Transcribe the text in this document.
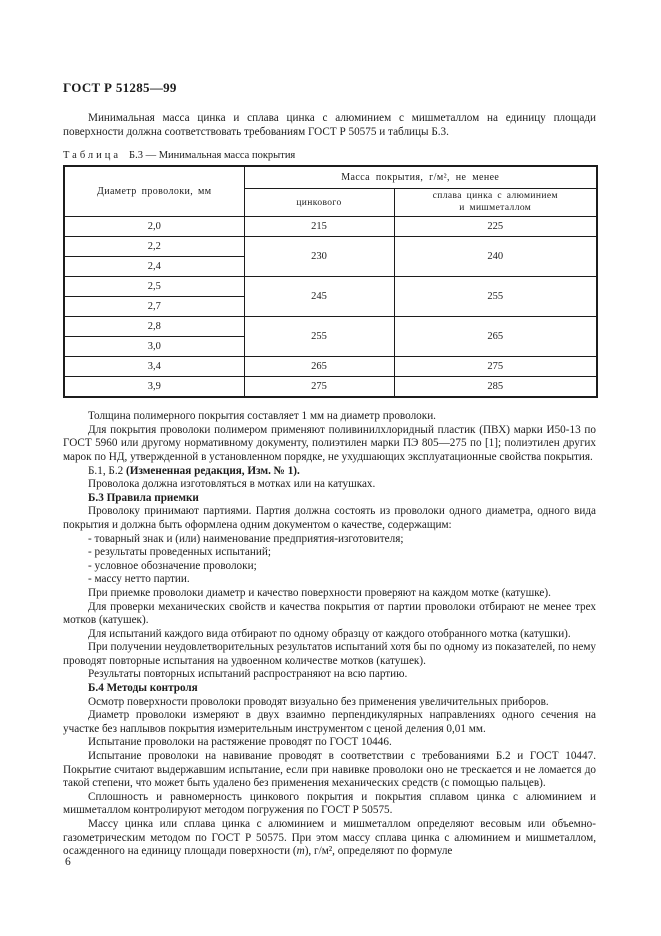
ГОСТ Р 51285—99

Минимальная масса цинка и сплава цинка с алюминием с мишметаллом на единицу площади поверхности должна соответствовать требованиям ГОСТ Р 50575 и таблицы Б.3.

Таблица Б.3 — Минимальная масса покрытия
Диаметр проволоки, мм	Масса покрытия, г/м², не менее	
	цинкового	сплава цинка с алюминием
и мишметаллом

2,0	215	225
2,2	230	240
2,4		
2,5	245	255
2,7		
2,8	255	265
3,0		
3,4	265	275
3,9	275	285

Толщина полимерного покрытия составляет 1 мм на диаметр проволоки.

Для покрытия проволоки полимером применяют поливинилхлоридный пластик (ПВХ) марки И50-13 по ГОСТ 5960 или другому нормативному документу, полиэтилен марки ПЭ 805—275 по [1]; полиэтилен других марок по НД, утвержденной в установленном порядке, не ухудшающих эксплуатационные свойства покрытия.

Б.1, Б.2 (Измененная редакция, Изм. № 1).

Проволока должна изготовляться в мотках или на катушках.

Б.3 Правила приемки

Проволоку принимают партиями. Партия должна состоять из проволоки одного диаметра, одного вида покрытия и должна быть оформлена одним документом о качестве, содержащим:

- товарный знак и (или) наименование предприятия-изготовителя;

- результаты проведенных испытаний;

- условное обозначение проволоки;

- массу нетто партии.

При приемке проволоки диаметр и качество поверхности проверяют на каждом мотке (катушке).

Для проверки механических свойств и качества покрытия от партии проволоки отбирают не менее трех мотков (катушек).

Для испытаний каждого вида отбирают по одному образцу от каждого отобранного мотка (катушки).

При получении неудовлетворительных результатов испытаний хотя бы по одному из показателей, по нему проводят повторные испытания на удвоенном количестве мотков (катушек).

Результаты повторных испытаний распространяют на всю партию.

Б.4 Методы контроля

Осмотр поверхности проволоки проводят визуально без применения увеличительных приборов.

Диаметр проволоки измеряют в двух взаимно перпендикулярных направлениях одного сечения на участке без наплывов покрытия измерительным инструментом с ценой деления 0,01 мм.

Испытание проволоки на растяжение проводят по ГОСТ 10446.

Испытание проволоки на навивание проводят в соответствии с требованиями Б.2 и ГОСТ 10447. Покрытие считают выдержавшим испытание, если при навивке проволоки оно не трескается и не ломается до такой степени, что может быть удалено без применения механических средств (с помощью пальцев).

Сплошность и равномерность цинкового покрытия и покрытия сплавом цинка с алюминием и мишметаллом контролируют методом погружения по ГОСТ Р 50575.

Массу цинка или сплава цинка с алюминием и мишметаллом определяют весовым или объемно-газометрическим методом по ГОСТ Р 50575. При этом массу сплава цинка с алюминием и мишметаллом, осажденного на единицу площади поверхности (m), г/м², определяют по формуле

6
